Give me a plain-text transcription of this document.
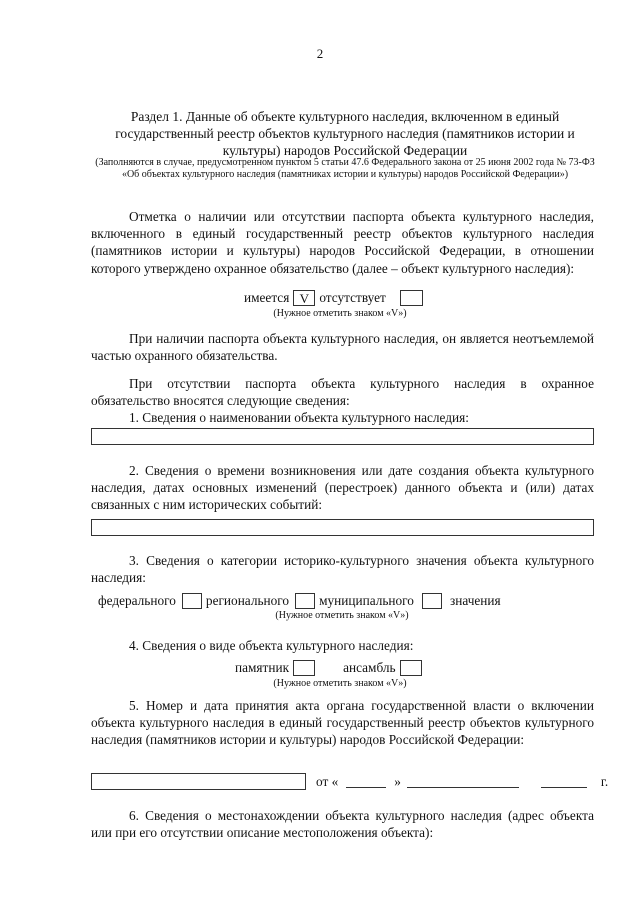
2
Раздел 1. Данные об объекте культурного наследия, включенном в единый государственный реестр объектов культурного наследия (памятников истории и культуры) народов Российской Федерации
(Заполняются в случае, предусмотренном пунктом 5 статьи 47.6 Федерального закона от 25 июня 2002 года № 73-ФЗ «Об объектах культурного наследия (памятниках истории и культуры) народов Российской Федерации»)
Отметка о наличии или отсутствии паспорта объекта культурного наследия, включенного в единый государственный реестр объектов культурного наследия (памятников истории и культуры) народов Российской Федерации, в отношении которого утверждено охранное обязательство (далее – объект культурного наследия):
имеется V отсутствует
(Нужное отметить знаком «V»)
При наличии паспорта объекта культурного наследия, он является неотъемлемой частью охранного обязательства.
При отсутствии паспорта объекта культурного наследия в охранное обязательство вносятся следующие сведения:
1. Сведения о наименовании объекта культурного наследия:
2. Сведения о времени возникновения или дате создания объекта культурного наследия, датах основных изменений (перестроек) данного объекта и (или) датах связанных с ним исторических событий:
3. Сведения о категории историко-культурного значения объекта культурного наследия:
федерального регионального муниципального	значения
(Нужное отметить знаком «V»)
4. Сведения о виде объекта культурного наследия:
памятник	ансамбль
(Нужное отметить знаком «V»)
5. Номер и дата принятия акта органа государственной власти о включении объекта культурного наследия в единый государственный реестр объектов культурного наследия (памятников истории и культуры) народов Российской Федерации:
от «	»	г.
6. Сведения о местонахождении объекта культурного наследия (адрес объекта или при его отсутствии описание местоположения объекта):
